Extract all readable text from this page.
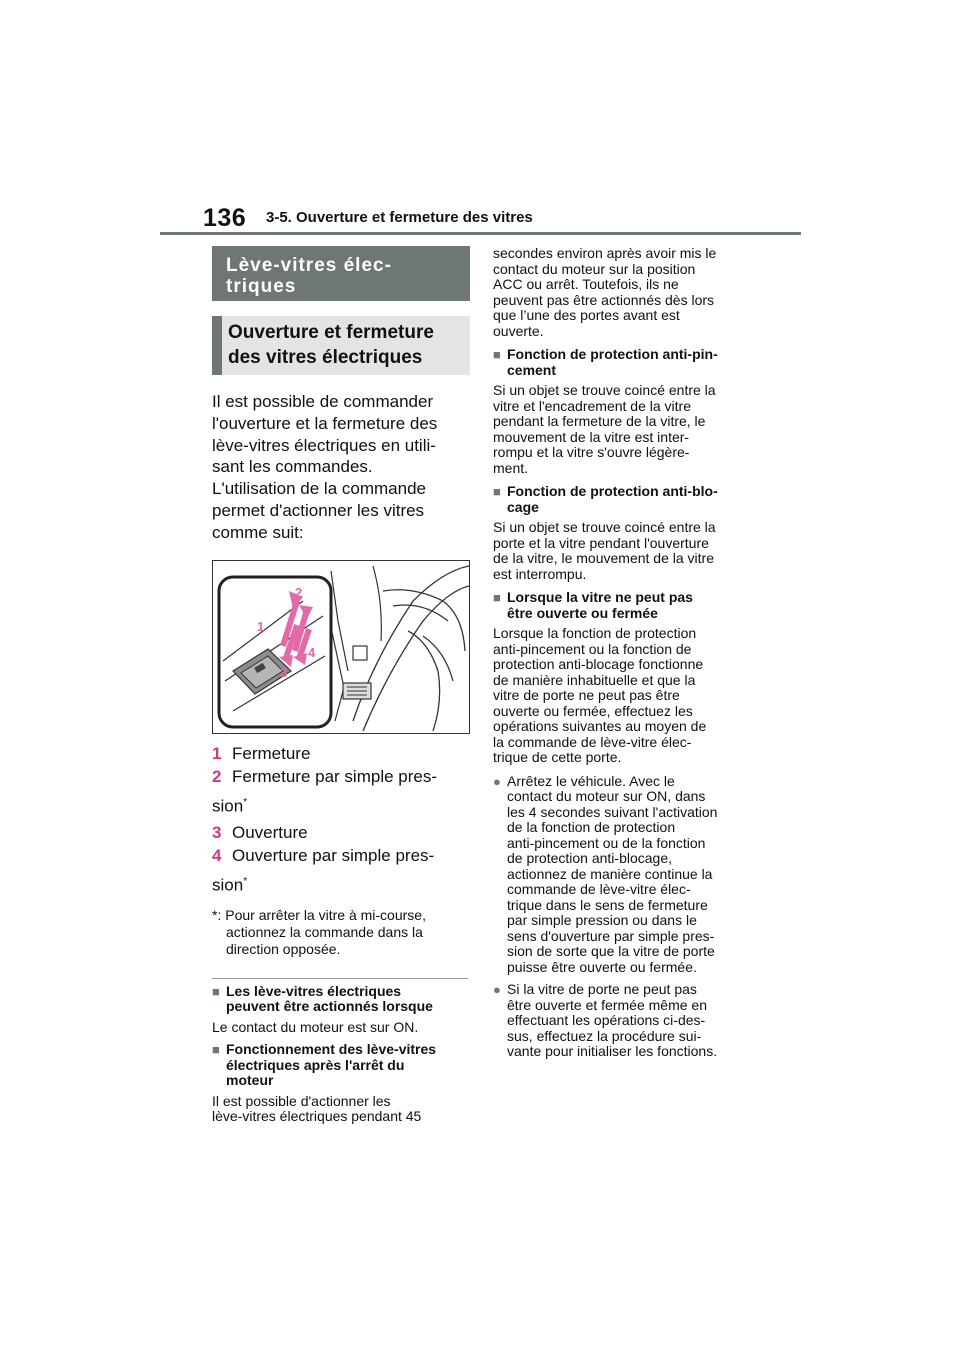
136 3-5. Ouverture et fermeture des vitres
Lève-vitres élec-
triques
Ouverture et fermeture
des vitres électriques
Il est possible de commander
l'ouverture et la fermeture des
lève-vitres électriques en utili-
sant les commandes.
L'utilisation de la commande
permet d'actionner les vitres
comme suit:
1
2
3
4
1 Fermeture
2 Fermeture par simple pres-
sion*
3 Ouverture
4 Ouverture par simple pres-
sion*
*: Pour arrêter la vitre à mi-course,
actionnez la commande dans la
direction opposée.
■ Les lève-vitres électriques
peuvent être actionnés lorsque
Le contact du moteur est sur ON.
■ Fonctionnement des lève-vitres
électriques après l'arrêt du
moteur
Il est possible d'actionner les
lève-vitres électriques pendant 45
secondes environ après avoir mis le
contact du moteur sur la position
ACC ou arrêt. Toutefois, ils ne
peuvent pas être actionnés dès lors
que l’une des portes avant est
ouverte.
■ Fonction de protection anti-pin-
cement
Si un objet se trouve coincé entre la
vitre et l'encadrement de la vitre
pendant la fermeture de la vitre, le
mouvement de la vitre est inter-
rompu et la vitre s'ouvre légère-
ment.
■ Fonction de protection anti-blo-
cage
Si un objet se trouve coincé entre la
porte et la vitre pendant l'ouverture
de la vitre, le mouvement de la vitre
est interrompu.
■ Lorsque la vitre ne peut pas
être ouverte ou fermée
Lorsque la fonction de protection
anti-pincement ou la fonction de
protection anti-blocage fonctionne
de manière inhabituelle et que la
vitre de porte ne peut pas être
ouverte ou fermée, effectuez les
opérations suivantes au moyen de
la commande de lève-vitre élec-
trique de cette porte.
● Arrêtez le véhicule. Avec le
contact du moteur sur ON, dans
les 4 secondes suivant l'activation
de la fonction de protection
anti-pincement ou de la fonction
de protection anti-blocage,
actionnez de manière continue la
commande de lève-vitre élec-
trique dans le sens de fermeture
par simple pression ou dans le
sens d'ouverture par simple pres-
sion de sorte que la vitre de porte
puisse être ouverte ou fermée.
● Si la vitre de porte ne peut pas
être ouverte et fermée même en
effectuant les opérations ci-des-
sus, effectuez la procédure sui-
vante pour initialiser les fonctions.
